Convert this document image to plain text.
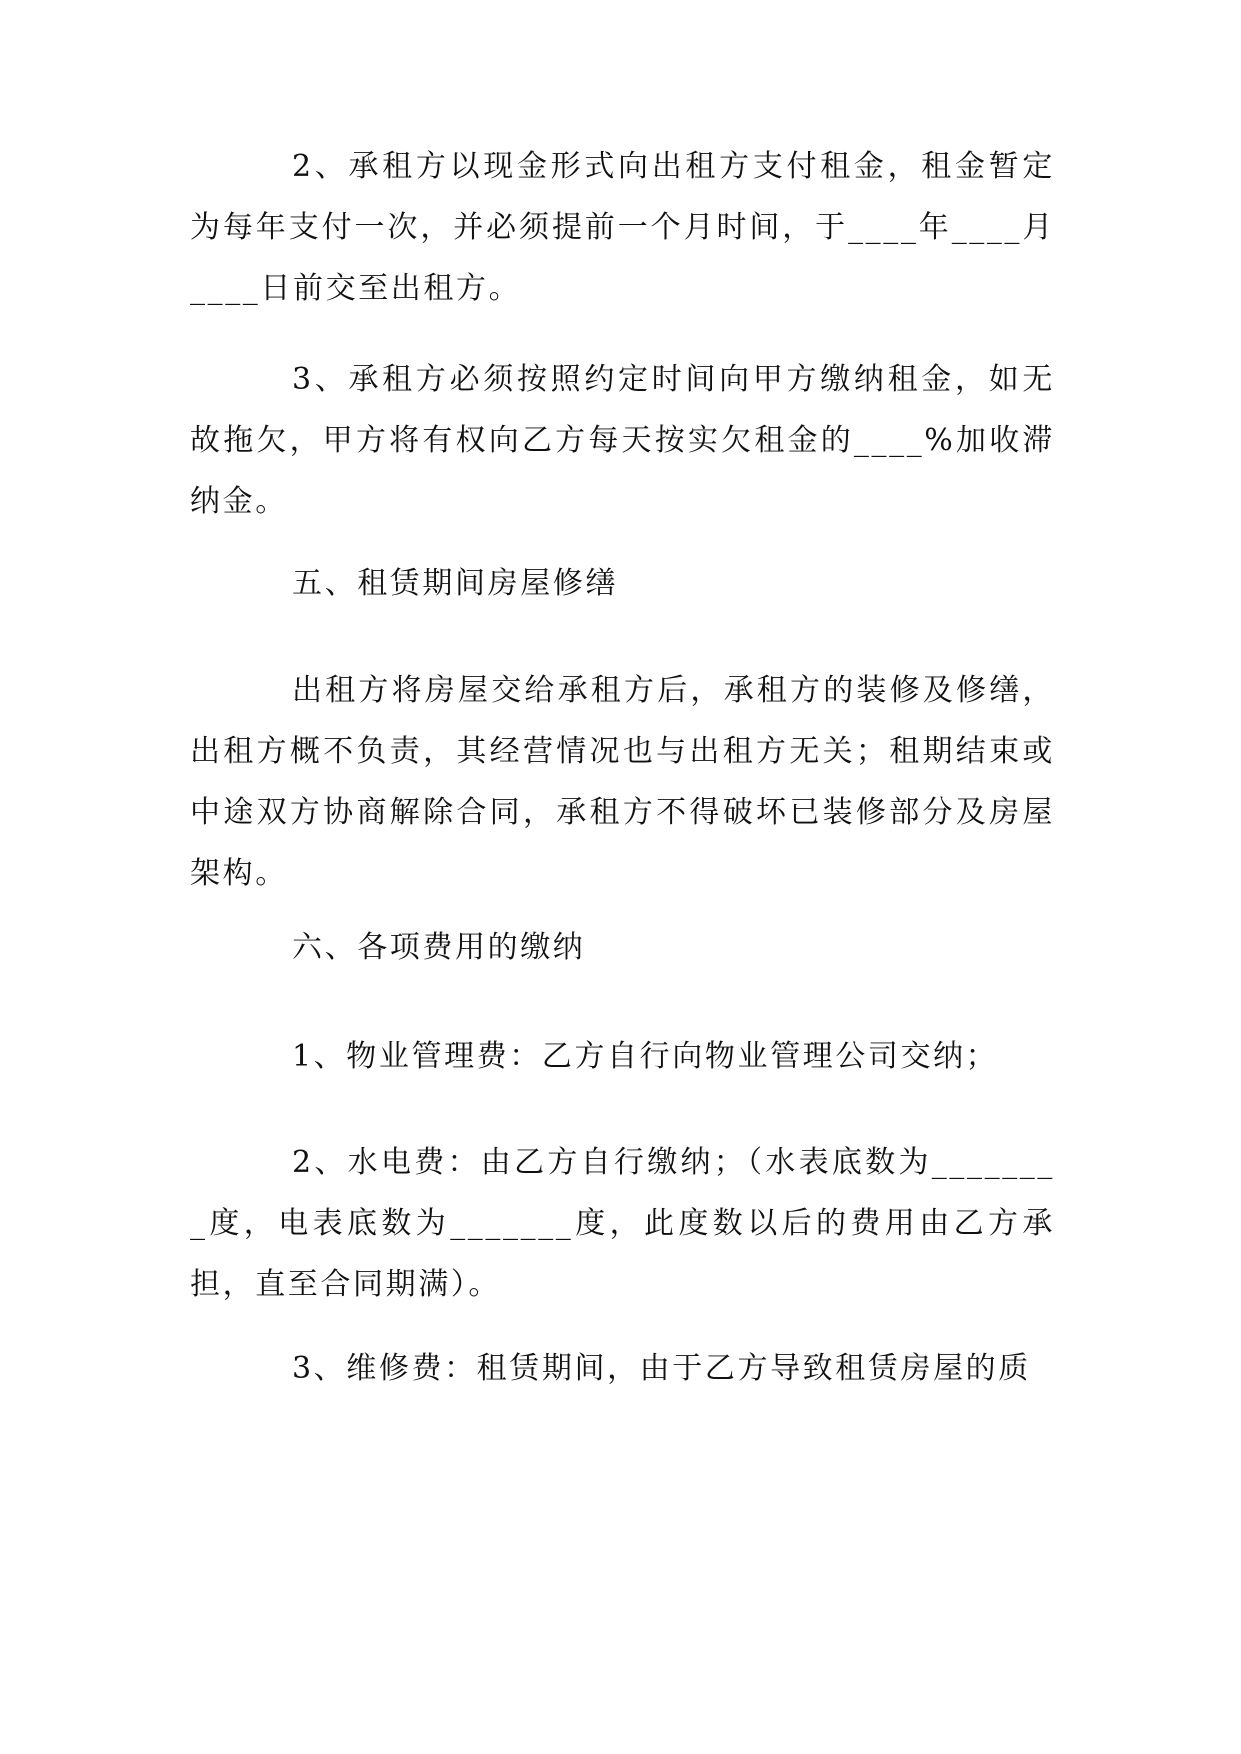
2、承租方以现金形式向出租方支付租金，租金暂定为每年支付一次，并必须提前一个月时间，于____年____月____日前交至出租方。

3、承租方必须按照约定时间向甲方缴纳租金，如无故拖欠，甲方将有权向乙方每天按实欠租金的____%加收滞纳金。

五、租赁期间房屋修缮

出租方将房屋交给承租方后，承租方的装修及修缮，出租方概不负责，其经营情况也与出租方无关；租期结束或中途双方协商解除合同，承租方不得破坏已装修部分及房屋架构。

六、各项费用的缴纳

1、物业管理费：乙方自行向物业管理公司交纳；

2、水电费：由乙方自行缴纳；（水表底数为________度，电表底数为_______度，此度数以后的费用由乙方承担，直至合同期满）。

3、维修费：租赁期间，由于乙方导致租赁房屋的质
